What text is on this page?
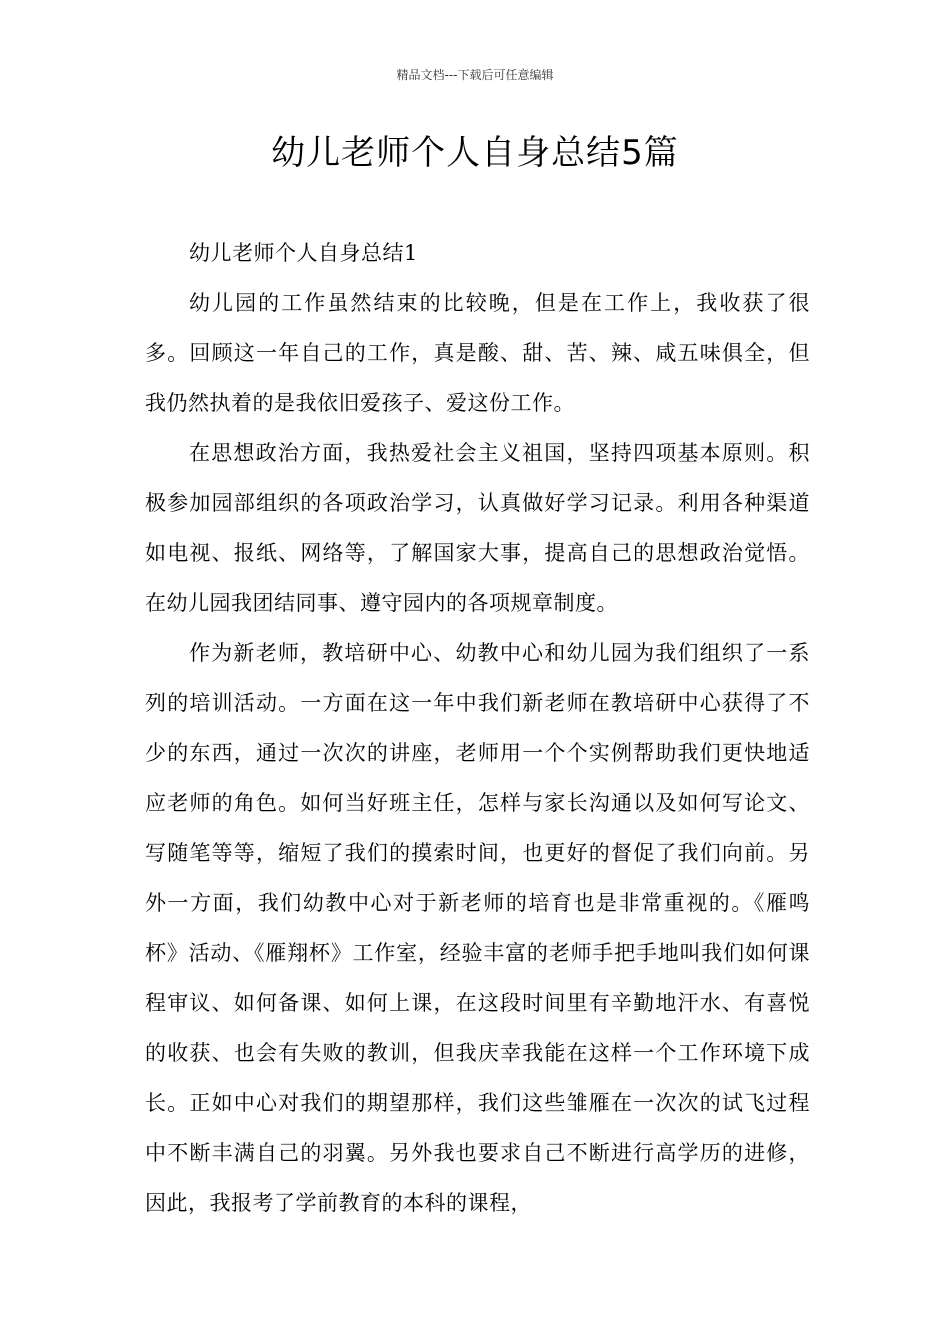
精品文档---下载后可任意编辑
幼儿老师个人自身总结5篇

幼儿老师个人自身总结1

幼儿园的工作虽然结束的比较晚，但是在工作上，我收获了很多。回顾这一年自己的工作，真是酸、甜、苦、辣、咸五味俱全，但我仍然执着的是我依旧爱孩子、爱这份工作。

在思想政治方面，我热爱社会主义祖国，坚持四项基本原则。积极参加园部组织的各项政治学习，认真做好学习记录。利用各种渠道如电视、报纸、网络等，了解国家大事，提高自己的思想政治觉悟。在幼儿园我团结同事、遵守园内的各项规章制度。

作为新老师，教培研中心、幼教中心和幼儿园为我们组织了一系列的培训活动。一方面在这一年中我们新老师在教培研中心获得了不少的东西，通过一次次的讲座，老师用一个个实例帮助我们更快地适应老师的角色。如何当好班主任，怎样与家长沟通以及如何写论文、写随笔等等，缩短了我们的摸索时间，也更好的督促了我们向前。另外一方面，我们幼教中心对于新老师的培育也是非常重视的。《雁鸣杯》活动、《雁翔杯》工作室，经验丰富的老师手把手地叫我们如何课程审议、如何备课、如何上课，在这段时间里有辛勤地汗水、有喜悦的收获、也会有失败的教训，但我庆幸我能在这样一个工作环境下成长。正如中心对我们的期望那样，我们这些雏雁在一次次的试飞过程中不断丰满自己的羽翼。另外我也要求自己不断进行高学历的进修，因此，我报考了学前教育的本科的课程，
